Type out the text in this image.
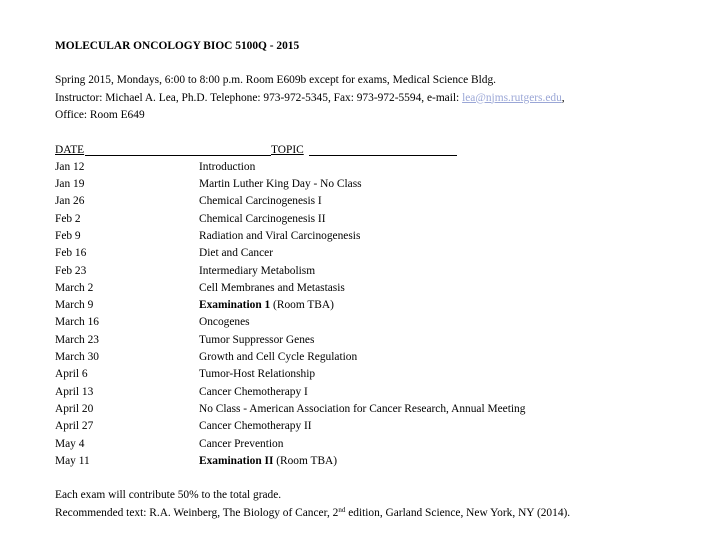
MOLECULAR ONCOLOGY BIOC 5100Q - 2015

Spring 2015, Mondays, 6:00 to 8:00 p.m. Room E609b except for exams, Medical Science Bldg.
Instructor: Michael A. Lea, Ph.D. Telephone: 973-972-5345, Fax: 973-972-5594, e-mail: lea@njms.rutgers.edu,
Office: Room E649
DATE	TOPIC
Jan 12	Introduction
Jan 19	Martin Luther King Day - No Class
Jan 26	Chemical Carcinogenesis I
Feb 2	Chemical Carcinogenesis II
Feb 9	Radiation and Viral Carcinogenesis
Feb 16	Diet and Cancer
Feb 23	Intermediary Metabolism
March 2	Cell Membranes and Metastasis
March 9	Examination 1 (Room TBA)
March 16	Oncogenes
March 23	Tumor Suppressor Genes
March 30	Growth and Cell Cycle Regulation
April 6	Tumor-Host Relationship
April 13	Cancer Chemotherapy I
April 20	No Class - American Association for Cancer Research, Annual Meeting
April 27	Cancer Chemotherapy II
May 4	Cancer Prevention
May 11	Examination II (Room TBA)
Each exam will contribute 50% to the total grade.
Recommended text: R.A. Weinberg, The Biology of Cancer, 2nd edition, Garland Science, New York, NY (2014).
